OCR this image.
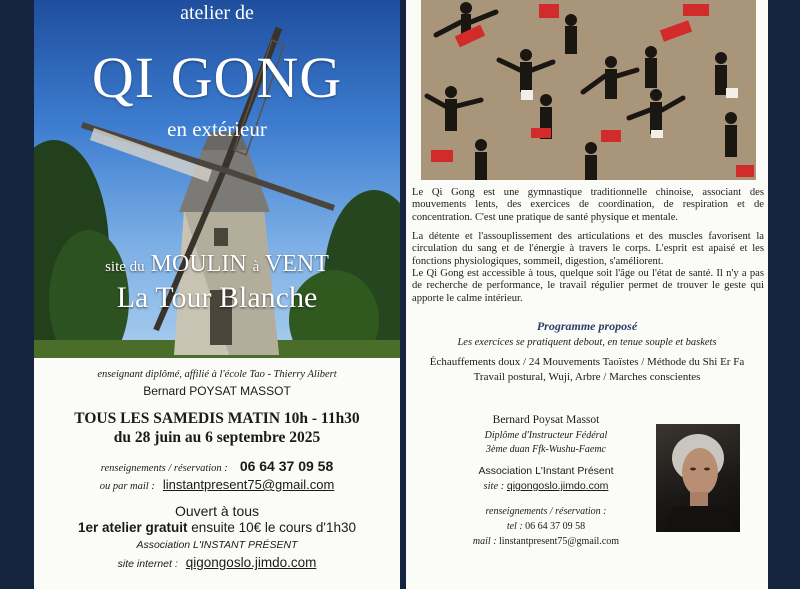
atelier de
QI GONG
en extérieur
site du MOULIN à VENT
La Tour Blanche
enseignant diplômé, affilié à l'école Tao - Thierry Alibert
Bernard POYSAT MASSOT
TOUS LES SAMEDIS MATIN 10h - 11h30
du 28 juin au 6 septembre 2025
renseignements / réservation : 06 64 37 09 58
ou par mail : linstantpresent75@gmail.com
Ouvert à tous
1er atelier gratuit ensuite 10€ le cours d'1h30
Association L'INSTANT PRÉSENT
site internet : qigongoslo.jimdo.com
Le Qi Gong est une gymnastique traditionnelle chinoise, associant des mouvements lents, des exercices de coordination, de respiration et de concentration. C'est une pratique de santé physique et mentale.
La détente et l'assouplissement des articulations et des muscles favorisent la circulation du sang et de l'énergie à travers le corps. L'esprit est apaisé et les fonctions physiologiques, sommeil, digestion, s'améliorent.
Le Qi Gong est accessible à tous, quelque soit l'âge ou l'état de santé. Il n'y a pas de recherche de performance, le travail régulier permet de trouver le geste qui apporte le calme intérieur.
Programme proposé
Les exercices se pratiquent debout, en tenue souple et baskets
Échauffements doux / 24 Mouvements Taoïstes / Méthode du Shi Er Fa
Travail postural, Wuji, Arbre / Marches conscientes
Bernard Poysat Massot
Diplôme d'Instructeur Fédéral
3ème duan Ffk-Wushu-Faemc
Association L'Instant Présent
site : qigongoslo.jimdo.com
renseignements / réservation :
tel : 06 64 37 09 58
mail : linstantpresent75@gmail.com
